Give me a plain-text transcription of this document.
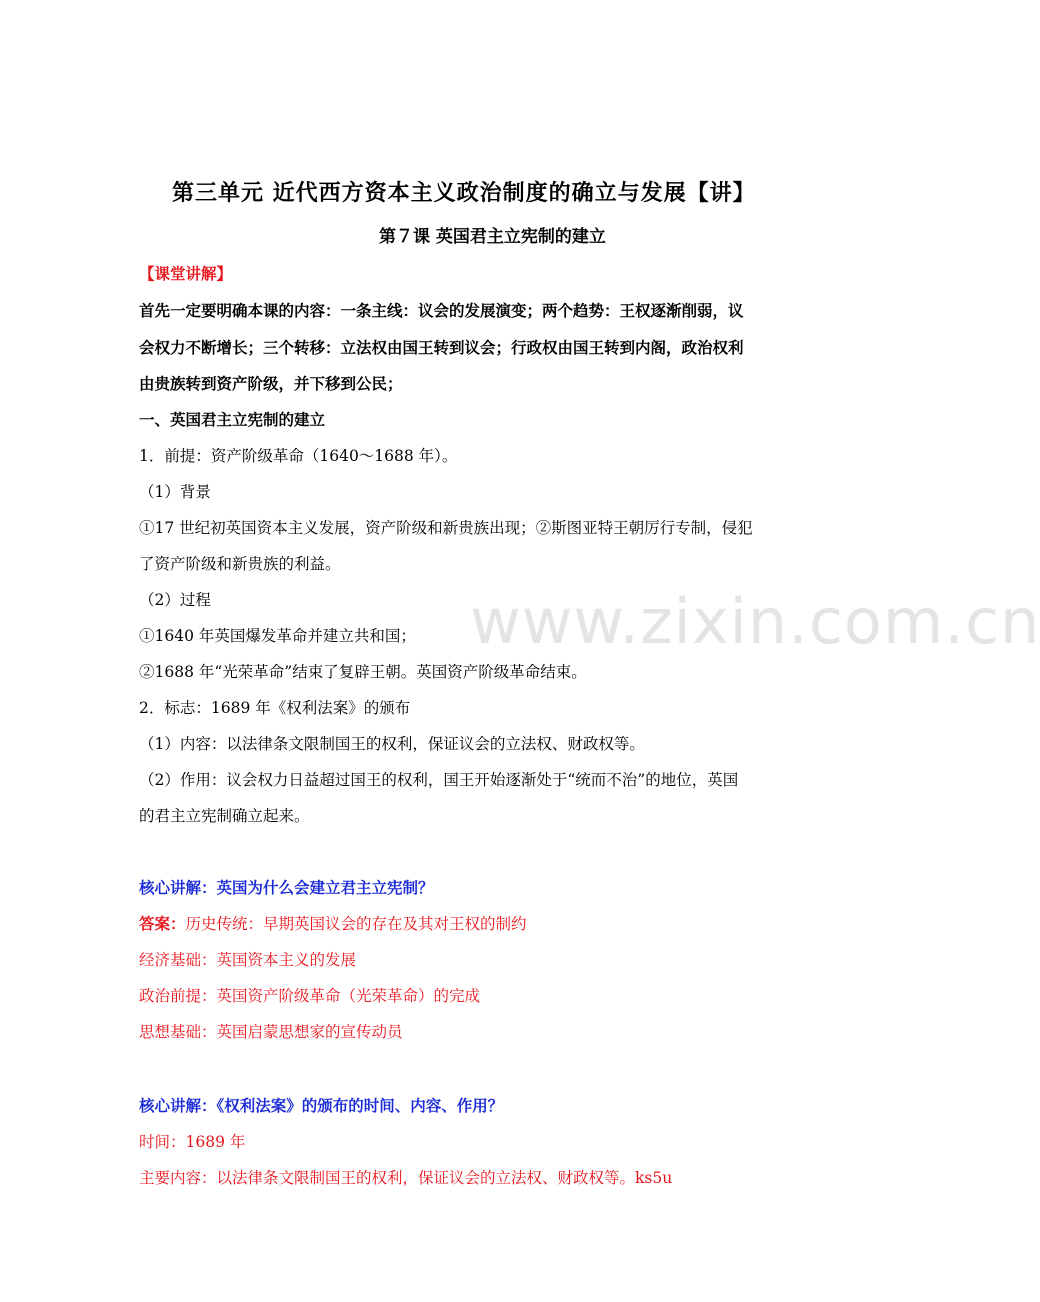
www.zixin.com.cn
第三单元 近代西方资本主义政治制度的确立与发展【讲】
第７课 英国君主立宪制的建立
【课堂讲解】
首先一定要明确本课的内容：一条主线：议会的发展演变；两个趋势：王权逐渐削弱，议
会权力不断增长；三个转移：立法权由国王转到议会；行政权由国王转到内阁，政治权利
由贵族转到资产阶级，并下移到公民；
一、英国君主立宪制的建立
1．前提：资产阶级革命（1640～1688 年）。
（1）背景
①17 世纪初英国资本主义发展，资产阶级和新贵族出现；②斯图亚特王朝厉行专制，侵犯
了资产阶级和新贵族的利益。
（2）过程
①1640 年英国爆发革命并建立共和国；
②1688 年“光荣革命”结束了复辟王朝。英国资产阶级革命结束。
2．标志：1689 年《权利法案》的颁布
（1）内容：以法律条文限制国王的权利，保证议会的立法权、财政权等。
（2）作用：议会权力日益超过国王的权利，国王开始逐渐处于“统而不治”的地位，英国
的君主立宪制确立起来。
核心讲解：英国为什么会建立君主立宪制？
答案：历史传统：早期英国议会的存在及其对王权的制约
经济基础：英国资本主义的发展
政治前提：英国资产阶级革命（光荣革命）的完成
思想基础：英国启蒙思想家的宣传动员
核心讲解：《权利法案》的颁布的时间、内容、作用？
时间：1689 年
主要内容：以法律条文限制国王的权利，保证议会的立法权、财政权等。ks5u
